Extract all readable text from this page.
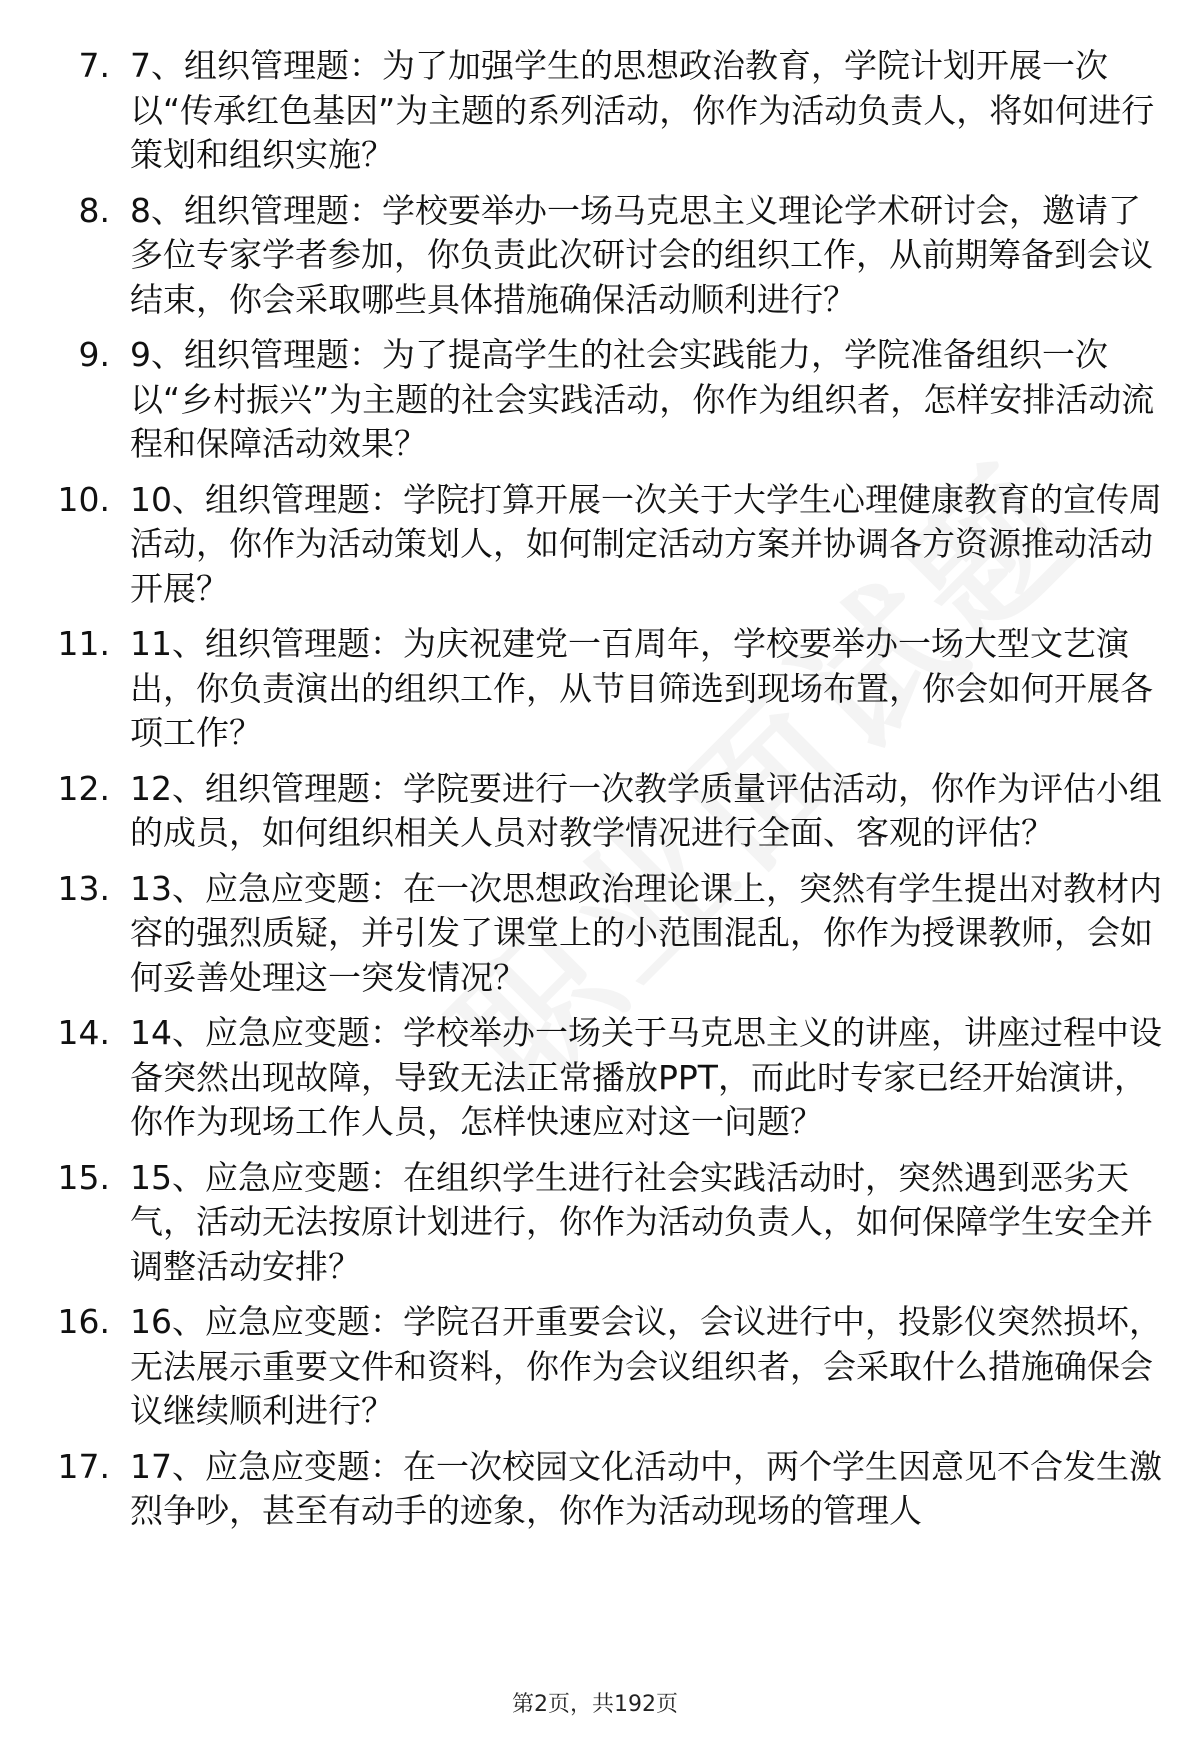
7. 7、组织管理题：为了加强学生的思想政治教育，学院计划开展一次以“传承红色基因”为主题的系列活动，你作为活动负责人，将如何进行策划和组织实施？
8. 8、组织管理题：学校要举办一场马克思主义理论学术研讨会，邀请了多位专家学者参加，你负责此次研讨会的组织工作，从前期筹备到会议结束，你会采取哪些具体措施确保活动顺利进行？
9. 9、组织管理题：为了提高学生的社会实践能力，学院准备组织一次以“乡村振兴”为主题的社会实践活动，你作为组织者，怎样安排活动流程和保障活动效果？
10. 10、组织管理题：学院打算开展一次关于大学生心理健康教育的宣传周活动，你作为活动策划人，如何制定活动方案并协调各方资源推动活动开展？
11. 11、组织管理题：为庆祝建党一百周年，学校要举办一场大型文艺演出，你负责演出的组织工作，从节目筛选到现场布置，你会如何开展各项工作？
12. 12、组织管理题：学院要进行一次教学质量评估活动，你作为评估小组的成员，如何组织相关人员对教学情况进行全面、客观的评估？
13. 13、应急应变题：在一次思想政治理论课上，突然有学生提出对教材内容的强烈质疑，并引发了课堂上的小范围混乱，你作为授课教师，会如何妥善处理这一突发情况？
14. 14、应急应变题：学校举办一场关于马克思主义的讲座，讲座过程中设备突然出现故障，导致无法正常播放PPT，而此时专家已经开始演讲，你作为现场工作人员，怎样快速应对这一问题？
15. 15、应急应变题：在组织学生进行社会实践活动时，突然遇到恶劣天气，活动无法按原计划进行，你作为活动负责人，如何保障学生安全并调整活动安排？
16. 16、应急应变题：学院召开重要会议，会议进行中，投影仪突然损坏，无法展示重要文件和资料，你作为会议组织者，会采取什么措施确保会议继续顺利进行？
17. 17、应急应变题：在一次校园文化活动中，两个学生因意见不合发生激烈争吵，甚至有动手的迹象，你作为活动现场的管理人
第2页，共192页
